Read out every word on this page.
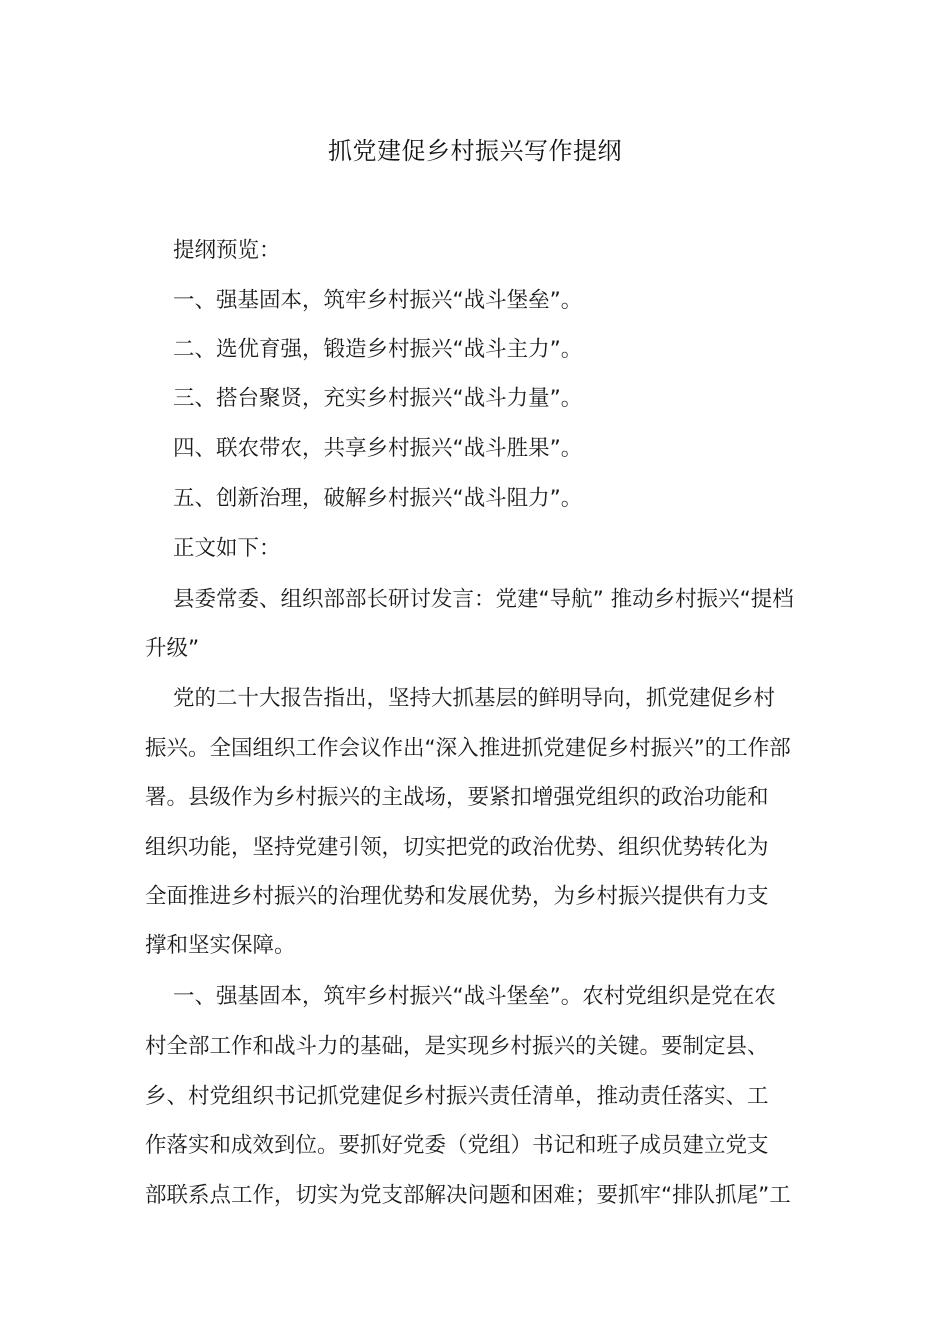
抓党建促乡村振兴写作提纲
提纲预览：
一、强基固本，筑牢乡村振兴“战斗堡垒”。
二、选优育强，锻造乡村振兴“战斗主力”。
三、搭台聚贤，充实乡村振兴“战斗力量”。
四、联农带农，共享乡村振兴“战斗胜果”。
五、创新治理，破解乡村振兴“战斗阻力”。
正文如下：
县委常委、组织部部长研讨发言：党建“导航” 推动乡村振兴“提档
升级”
党的二十大报告指出，坚持大抓基层的鲜明导向，抓党建促乡村
振兴。全国组织工作会议作出“深入推进抓党建促乡村振兴”的工作部
署。县级作为乡村振兴的主战场，要紧扣增强党组织的政治功能和
组织功能，坚持党建引领，切实把党的政治优势、组织优势转化为
全面推进乡村振兴的治理优势和发展优势，为乡村振兴提供有力支
撑和坚实保障。
一、强基固本，筑牢乡村振兴“战斗堡垒”。农村党组织是党在农
村全部工作和战斗力的基础，是实现乡村振兴的关键。要制定县、
乡、村党组织书记抓党建促乡村振兴责任清单，推动责任落实、工
作落实和成效到位。要抓好党委（党组）书记和班子成员建立党支
部联系点工作，切实为党支部解决问题和困难；要抓牢“排队抓尾”工
